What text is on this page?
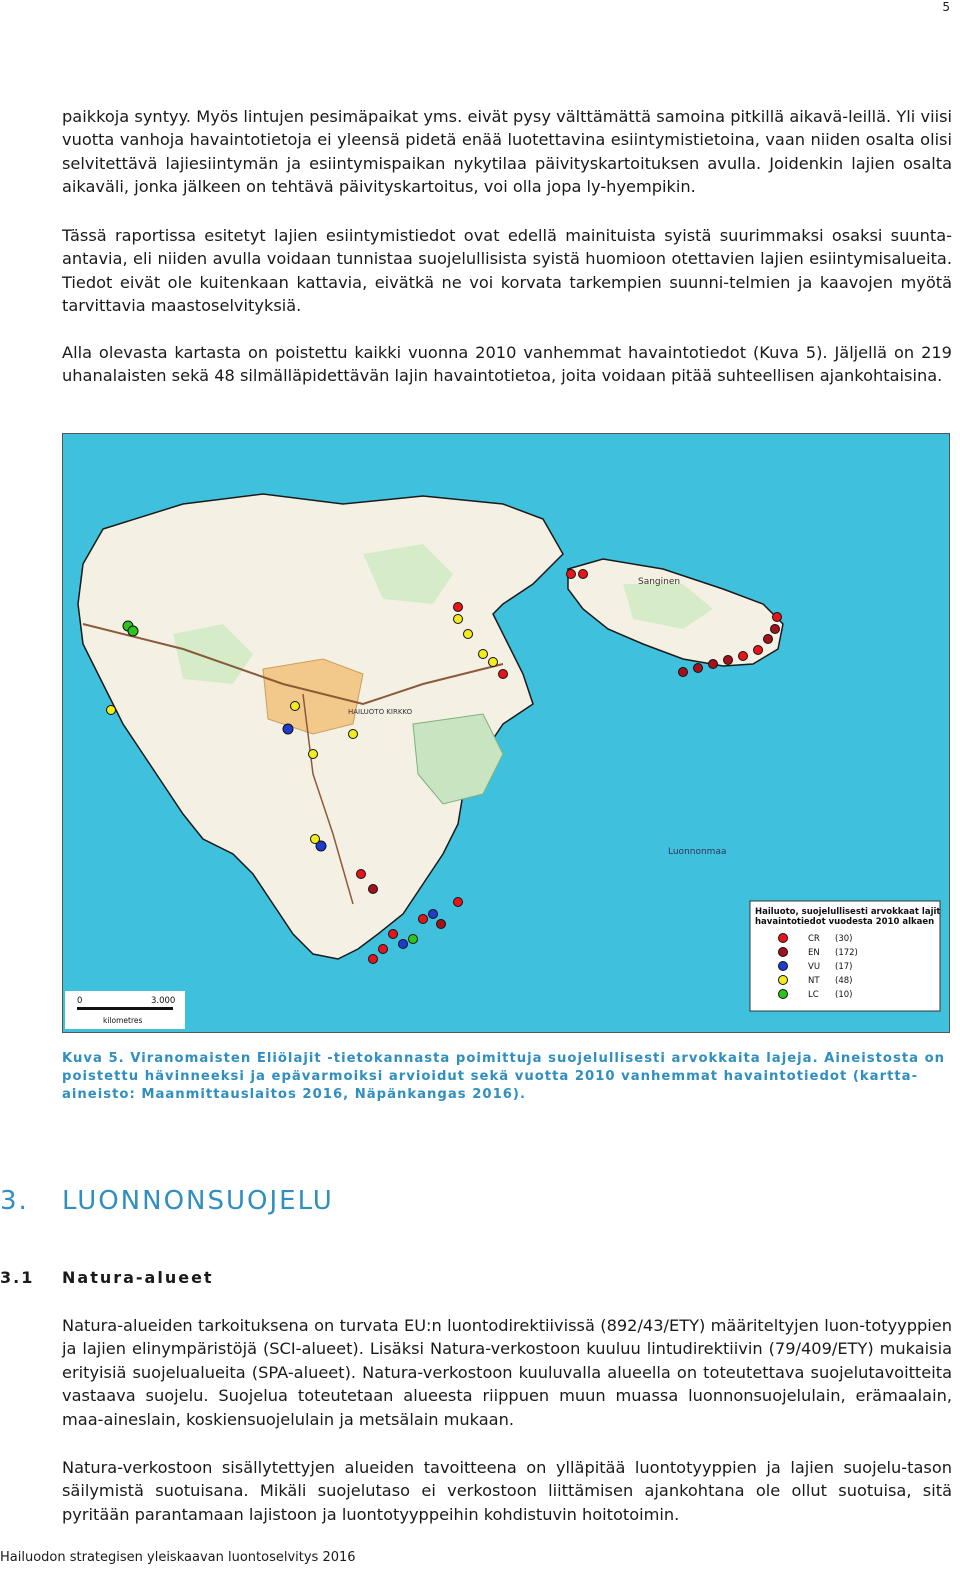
5

paikkoja syntyy. Myös lintujen pesimäpaikat yms. eivät pysy välttämättä samoina pitkillä aikavä-leillä. Yli viisi vuotta vanhoja havaintotietoja ei yleensä pidetä enää luotettavina esiintymistietoina, vaan niiden osalta olisi selvitettävä lajiesiintymän ja esiintymispaikan nykytilaa päivityskartoituksen avulla. Joidenkin lajien osalta aikaväli, jonka jälkeen on tehtävä päivityskartoitus, voi olla jopa ly-hyempikin.

Tässä raportissa esitetyt lajien esiintymistiedot ovat edellä mainituista syistä suurimmaksi osaksi suunta-antavia, eli niiden avulla voidaan tunnistaa suojelullisista syistä huomioon otettavien lajien esiintymisalueita. Tiedot eivät ole kuitenkaan kattavia, eivätkä ne voi korvata tarkempien suunni-telmien ja kaavojen myötä tarvittavia maastoselvityksiä.

Alla olevasta kartasta on poistettu kaikki vuonna 2010 vanhemmat havaintotiedot (Kuva 5). Jäljellä on 219 uhanalaisten sekä 48 silmälläpidettävän lajin havaintotietoa, joita voidaan pitää suhteellisen ajankohtaisina.

Sanginen
Luonnonmaa
HAILUOTO KIRKKO
Hailuoto, suojelullisesti arvokkaat lajit havaintotiedot vuodesta 2010 alkaen
CR (30)
EN (172)
VU (17)
NT (48)
LC (10)
0	3.000
kilometres

Kuva 5. Viranomaisten Eliölajit -tietokannasta poimittuja suojelullisesti arvokkaita lajeja. Aineistosta on poistettu hävinneeksi ja epävarmoiksi arvioidut sekä vuotta 2010 vanhemmat havaintotiedot (kartta-aineisto: Maanmittauslaitos 2016, Näpänkangas 2016).

3. LUONNONSUOJELU
3.1 Natura-alueet

Natura-alueiden tarkoituksena on turvata EU:n luontodirektiivissä (892/43/ETY) määriteltyjen luon-totyyppien ja lajien elinympäristöjä (SCI-alueet). Lisäksi Natura-verkostoon kuuluu lintudirektiivin (79/409/ETY) mukaisia erityisiä suojelualueita (SPA-alueet). Natura-verkostoon kuuluvalla alueella on toteutettava suojelutavoitteita vastaava suojelu. Suojelua toteutetaan alueesta riippuen muun muassa luonnonsuojelulain, erämaalain, maa-aineslain, koskiensuojelulain ja metsälain mukaan.

Natura-verkostoon sisällytettyjen alueiden tavoitteena on ylläpitää luontotyyppien ja lajien suojelu-tason säilymistä suotuisana. Mikäli suojelutaso ei verkostoon liittämisen ajankohtana ole ollut suotuisa, sitä pyritään parantamaan lajistoon ja luontotyyppeihin kohdistuvin hoitotoimin.

Hailuodon strategisen yleiskaavan luontoselvitys 2016
